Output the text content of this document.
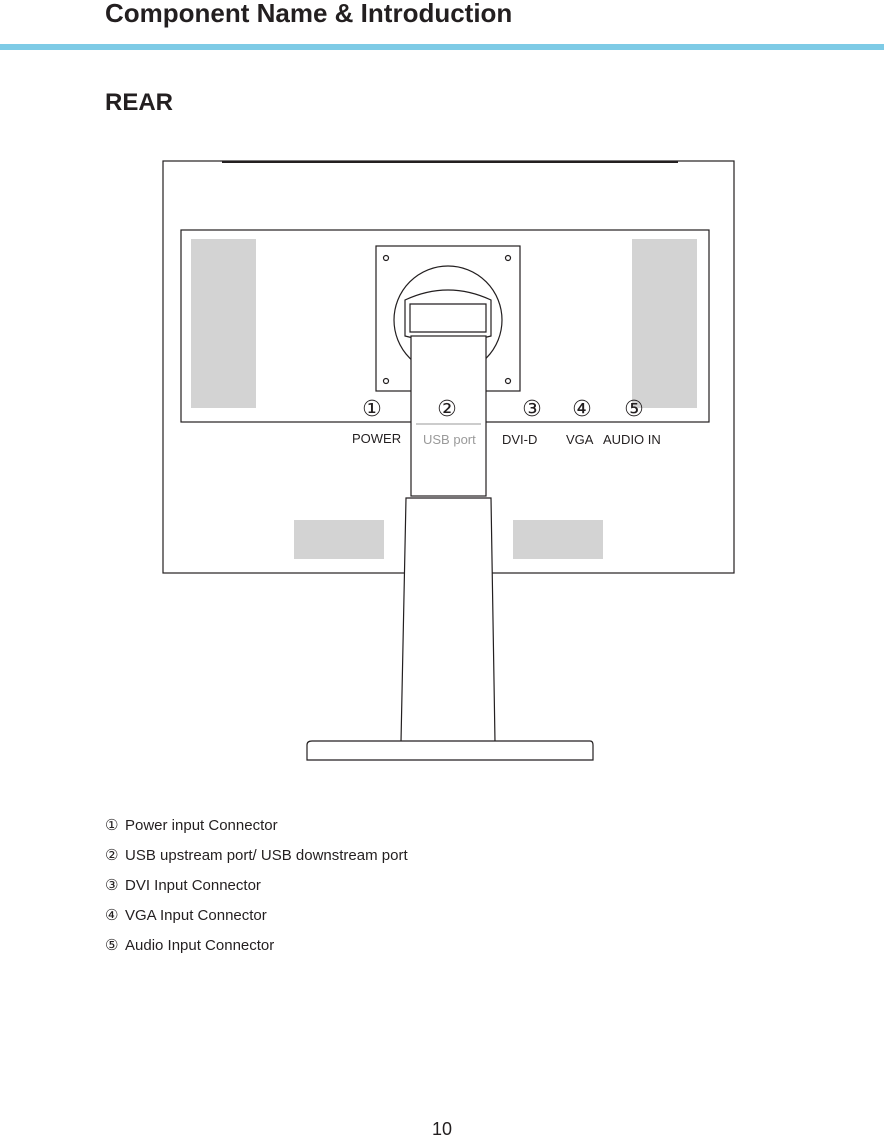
Component Name & Introduction
REAR
①	②	③ ④ ⑤
POWER USB port DVI-D VGA AUDIO IN
① Power input Connector
② USB upstream port/ USB downstream port
③ DVI Input Connector
④ VGA Input Connector
⑤ Audio Input Connector
10
